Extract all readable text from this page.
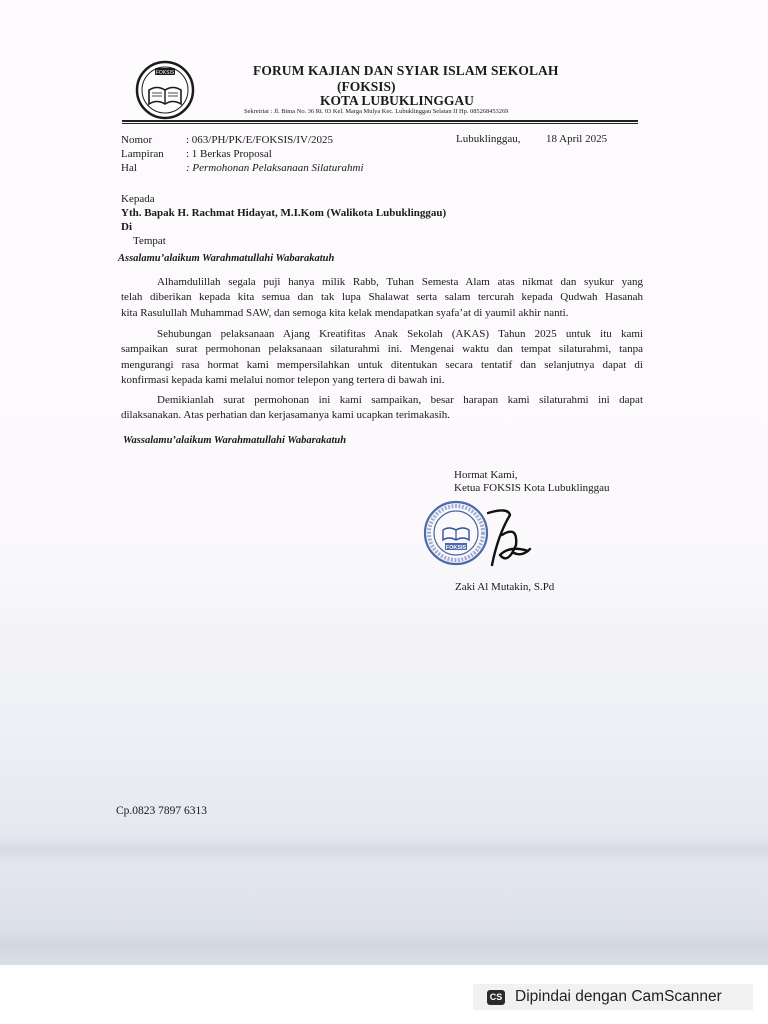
FOKSIS	FORUM KAJIAN DAN SYIAR ISLAM SEKOLAH
(FOKSIS)
KOTA LUBUKLINGGAU
Sekretriat : Jl. Bima No. 36 Rt. 03 Kel. Marga Mulya Kec. Lubuklinggau Selatan II Hp. 085268453269
Nomor	: 063/PH/PK/E/FOKSIS/IV/2025
Lampiran : 1 Berkas Proposal
Hal	: Permohonan Pelaksanaan Silaturahmi
Lubuklinggau, 18 April 2025
Kepada
Yth. Bapak H. Rachmat Hidayat, M.I.Kom (Walikota Lubuklinggau)
Di
Tempat
Assalamu’alaikum Warahmatullahi Wabarakatuh
Alhamdulillah segala puji hanya milik Rabb, Tuhan Semesta Alam atas nikmat dan syukur yang
telah diberikan kepada kita semua dan tak lupa Shalawat serta salam tercurah kepada Qudwah Hasanah
kita Rasulullah Muhammad SAW, dan semoga kita kelak mendapatkan syafa’at di yaumil akhir nanti.
Sehubungan pelaksanaan Ajang Kreatifitas Anak Sekolah (AKAS) Tahun 2025 untuk itu kami
sampaikan surat permohonan pelaksanaan silaturahmi ini. Mengenai waktu dan tempat silaturahmi, tanpa
mengurangi rasa hormat kami mempersilahkan untuk ditentukan secara tentatif dan selanjutnya dapat di
konfirmasi kepada kami melalui nomor telepon yang tertera di bawah ini.
Demikianlah surat permohonan ini kami sampaikan, besar harapan kami silaturahmi ini dapat
dilaksanakan. Atas perhatian dan kerjasamanya kami ucapkan terimakasih.
Wassalamu’alaikum Warahmatullahi Wabarakatuh
Hormat Kami,
Ketua FOKSIS Kota Lubuklinggau
FOKSIS
Zaki Al Mutakin, S.Pd
Cp.0823 7897 6313
CS Dipindai dengan CamScanner
